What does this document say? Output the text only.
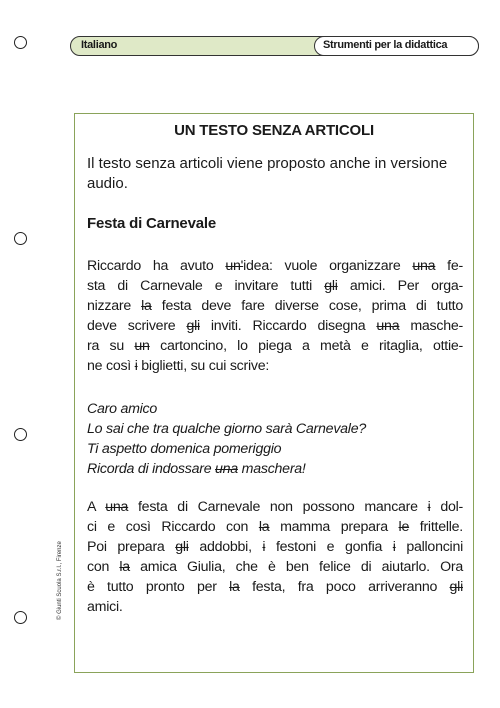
Italiano	Strumenti per la didattica
UN TESTO SENZA ARTICOLI
Il testo senza articoli viene proposto anche in versione audio.
Festa di Carnevale
Riccardo ha avuto un'idea: vuole organizzare una fe-
sta di Carnevale e invitare tutti gli amici. Per orga-
nizzare la festa deve fare diverse cose, prima di tutto
deve scrivere gli inviti. Riccardo disegna una masche-
ra su un cartoncino, lo piega a metà e ritaglia, ottie-
ne così i biglietti, su cui scrive:
Caro amico
Lo sai che tra qualche giorno sarà Carnevale?
Ti aspetto domenica pomeriggio
Ricorda di indossare una maschera!
A una festa di Carnevale non possono mancare i dol-
ci e così Riccardo con la mamma prepara le frittelle.
Poi prepara gli addobbi, i festoni e gonfia i palloncini
con la amica Giulia, che è ben felice di aiutarlo. Ora
è tutto pronto per la festa, fra poco arriveranno gli
amici.
© Giunti Scuola S.r.l., Firenze
